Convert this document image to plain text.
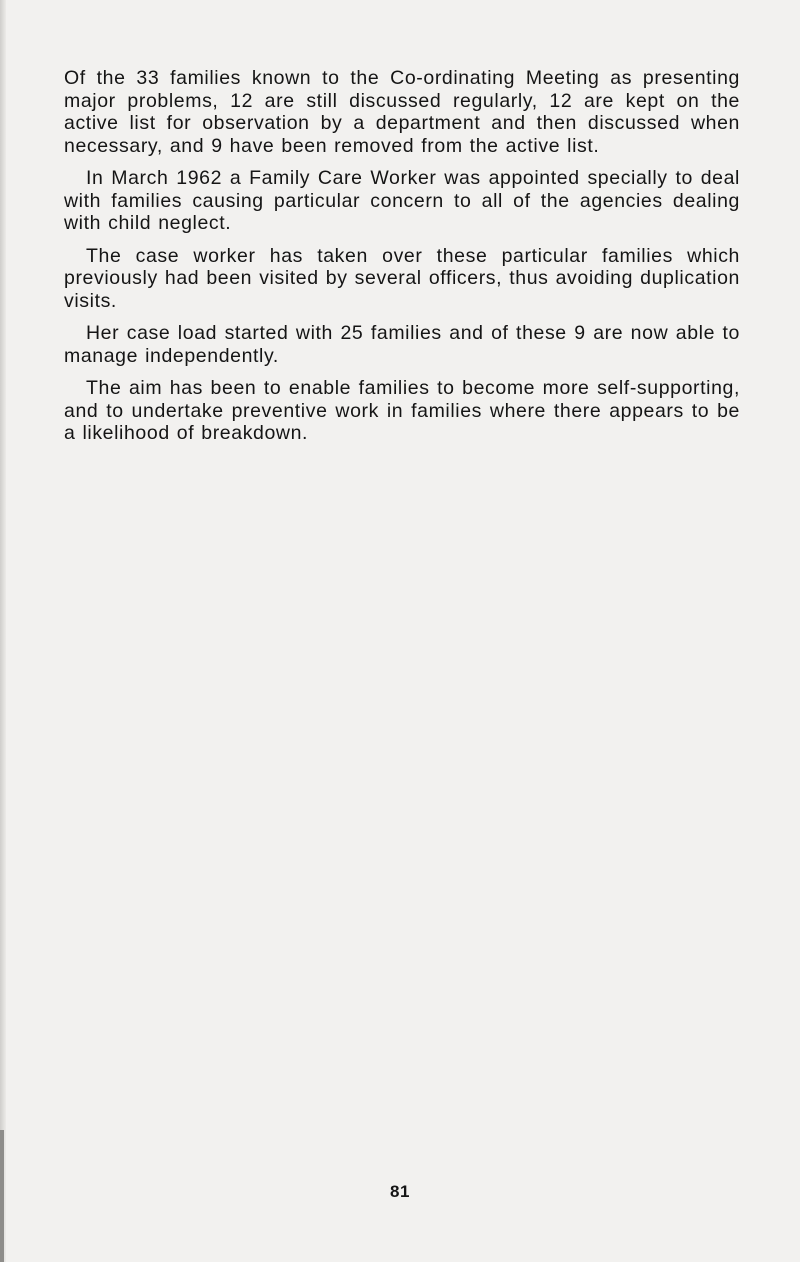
Of the 33 families known to the Co-ordinating Meeting as presenting major problems, 12 are still discussed regularly, 12 are kept on the active list for observation by a department and then discussed when necessary, and 9 have been removed from the active list.

In March 1962 a Family Care Worker was appointed specially to deal with families causing particular concern to all of the agencies dealing with child neglect.

The case worker has taken over these particular families which previously had been visited by several officers, thus avoiding duplication visits.

Her case load started with 25 families and of these 9 are now able to manage independently.

The aim has been to enable families to become more self-supporting, and to undertake preventive work in families where there appears to be a likelihood of breakdown.

81
